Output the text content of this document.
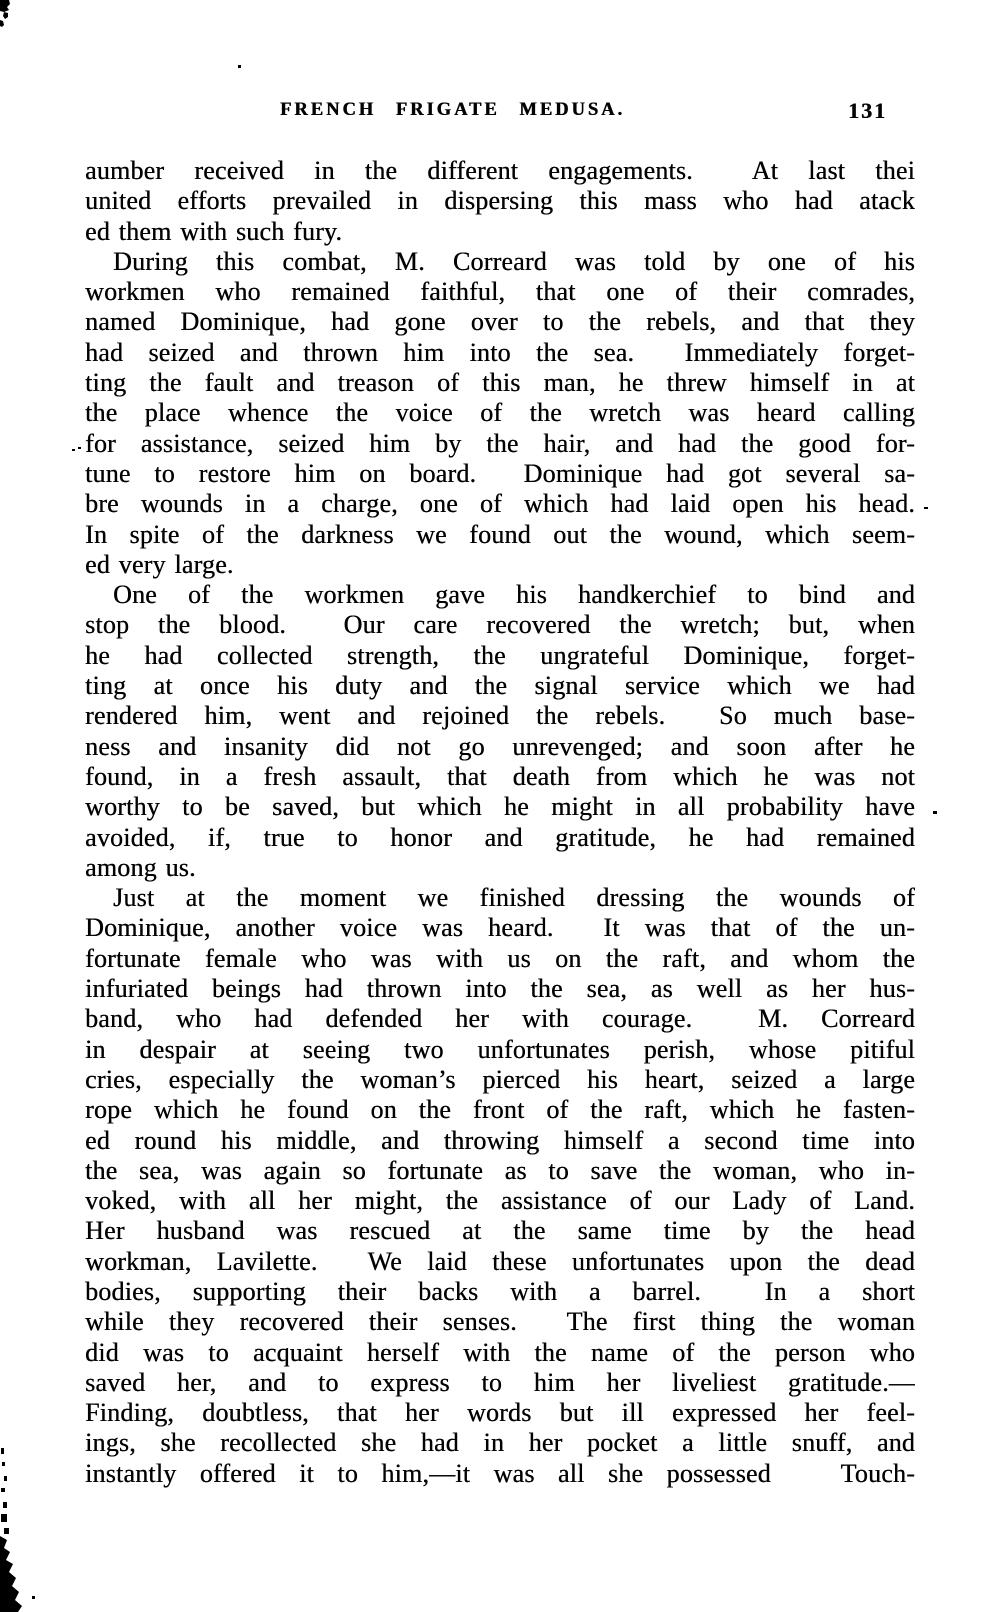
FRENCH FRIGATE MEDUSA.	131
aumber received in the different engagements.  At last thei
united efforts prevailed in dispersing this mass who had atack
ed them with such fury.
During this combat, M. Correard was told by one of his
workmen who remained faithful, that one of their comrades,
named Dominique, had gone over to the rebels, and that they
had seized and thrown him into the sea.  Immediately forget-
ting the fault and treason of this man, he threw himself in at
the place whence the voice of the wretch was heard calling
for assistance, seized him by the hair, and had the good for-
tune to restore him on board.  Dominique had got several sa-
bre wounds in a charge, one of which had laid open his head.
In spite of the darkness we found out the wound, which seem-
ed very large.
One of the workmen gave his handkerchief to bind and
stop the blood.  Our care recovered the wretch; but, when
he had collected strength, the ungrateful Dominique, forget-
ting at once his duty and the signal service which we had
rendered him, went and rejoined the rebels.  So much base-
ness and insanity did not go unrevenged; and soon after he
found, in a fresh assault, that death from which he was not
worthy to be saved, but which he might in all probability have
avoided, if, true to honor and gratitude, he had remained
among us.
Just at the moment we finished dressing the wounds of
Dominique, another voice was heard.  It was that of the un-
fortunate female who was with us on the raft, and whom the
infuriated beings had thrown into the sea, as well as her hus-
band, who had defended her with courage.  M. Correard
in despair at seeing two unfortunates perish, whose pitiful
cries, especially the woman’s pierced his heart, seized a large
rope which he found on the front of the raft, which he fasten-
ed round his middle, and throwing himself a second time into
the sea, was again so fortunate as to save the woman, who in-
voked, with all her might, the assistance of our Lady of Land.
Her husband was rescued at the same time by the head
workman, Lavilette.  We laid these unfortunates upon the dead
bodies, supporting their backs with a barrel.  In a short
while they recovered their senses.  The first thing the woman
did was to acquaint herself with the name of the person who
saved her, and to express to him her liveliest gratitude.—
Finding, doubtless, that her words but ill expressed her feel-
ings, she recollected she had in her pocket a little snuff, and
instantly offered it to him,—it was all she possessed   Touch-
